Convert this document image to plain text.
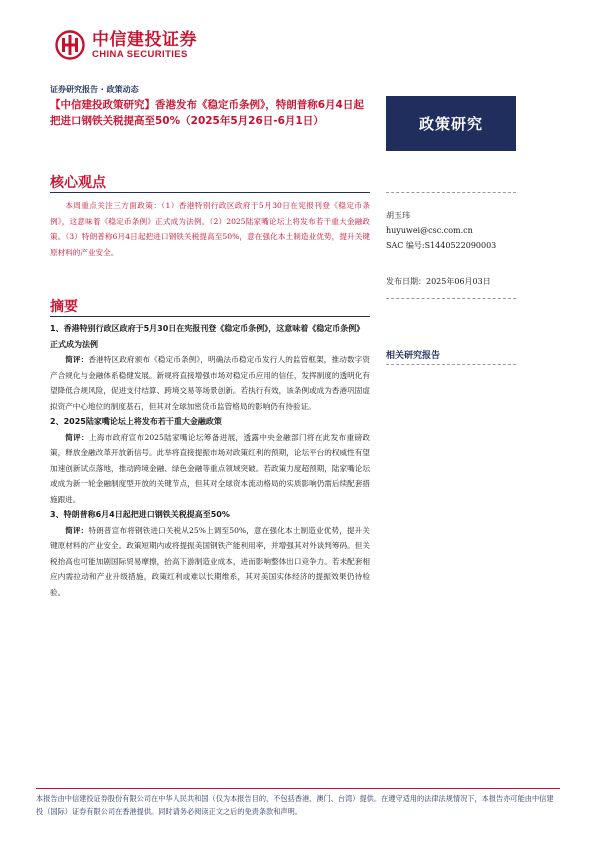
中信建投证券
CHINA SECURITIES
证券研究报告 · 政策动态
【中信建投政策研究】香港发布《稳定币条例》，特朗普称6月4日起把进口钢铁关税提高至50%（2025年5月26日-6月1日）	政策研究
核心观点
本周重点关注三方面政策：（1）香港特别行政区政府于5月30日在宪报刊登《稳定币条例》，这意味着《稳定币条例》正式成为法例。（2）2025陆家嘴论坛上将发布若干重大金融政策。（3）特朗普称6月4日起把进口钢铁关税提高至50%，意在强化本土制造业优势，提升关键原材料的产业安全。
胡玉玮
huyuwei@csc.com.cn
SAC 编号:S1440522090003
发布日期：2025年06月03日
摘要
相关研究报告
1、香港特别行政区政府于5月30日在宪报刊登《稳定币条例》，这意味着《稳定币条例》正式成为法例
简评：香港特区政府颁布《稳定币条例》，明确法币稳定币发行人的监管框架，推动数字资产合规化与金融体系稳健发展。新规将直接增强市场对稳定币应用的信任，发挥制度的透明化有望降低合规风险，促进支付结算、跨境交易等场景创新。若执行有效，该条例或成为香港巩固虚拟资产中心地位的制度基石，但其对全球加密货币监管格局的影响仍有待验证。
2、2025陆家嘴论坛上将发布若干重大金融政策
简评：上海市政府宣布2025陆家嘴论坛筹备进展，透露中央金融部门将在此发布重磅政策，释放金融改革开放新信号。此举将直接提振市场对政策红利的预期，论坛平台的权威性有望加速创新试点落地，推动跨境金融、绿色金融等重点领域突破。若政策力度超预期，陆家嘴论坛或成为新一轮金融制度型开放的关键节点，但其对全球资本流动格局的实质影响仍需后续配套措施跟进。
3、特朗普称6月4日起把进口钢铁关税提高至50%
简评：特朗普宣布将钢铁进口关税从25%上调至50%，意在强化本土制造业优势，提升关键原材料的产业安全。政策短期内或将提振美国钢铁产能利用率，并增强其对外谈判筹码。但关税抬高也可能加剧国际贸易摩擦，抬高下游制造业成本，进而影响整体出口竞争力。若未配套相应内需拉动和产业升级措施，政策红利或难以长期维系，其对美国实体经济的提振效果仍待检验。
本报告由中信建投证券股份有限公司在中华人民共和国（仅为本报告目的，不包括香港、澳门、台湾）提供。在遵守适用的法律法规情况下，本报告亦可能由中信建投（国际）证券有限公司在香港提供。同时请务必阅读正文之后的免责条款和声明。
